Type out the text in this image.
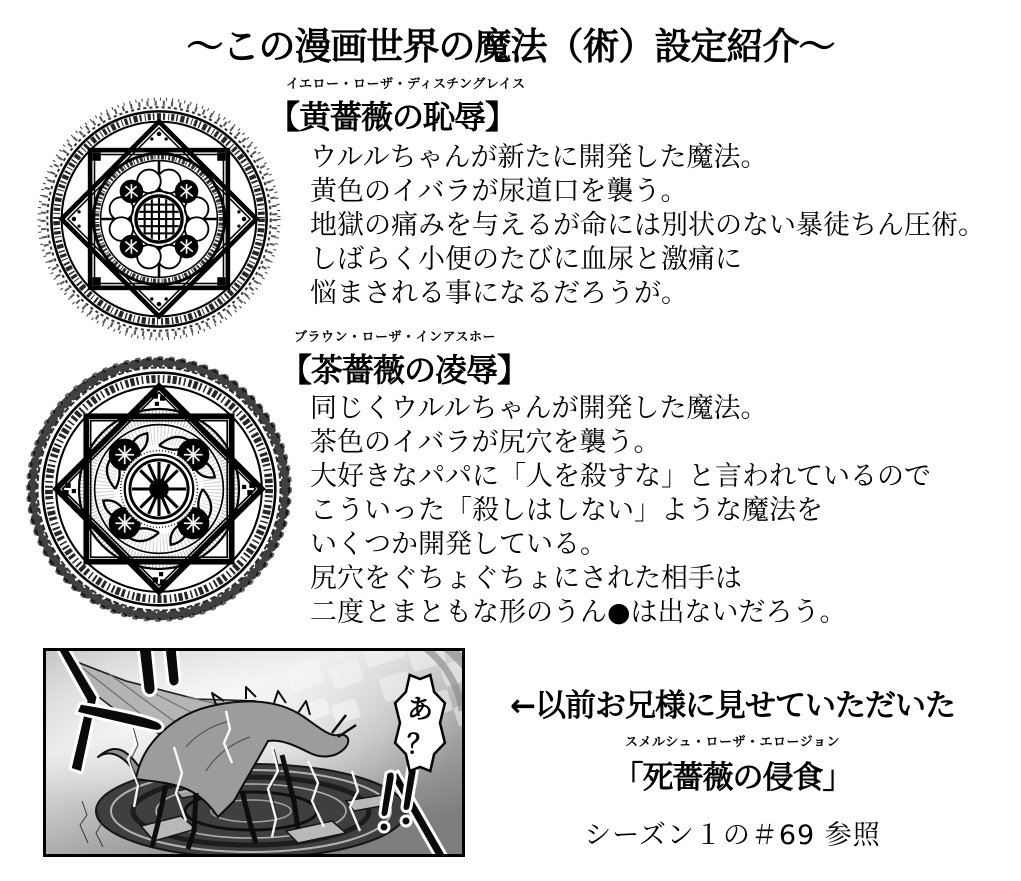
～この漫画世界の魔法（術）設定紹介～
イエロー・ローザ・ディスチングレイス
【黄薔薇の恥辱】
ウルルちゃんが新たに開発した魔法。
黄色のイバラが尿道口を襲う。
地獄の痛みを与えるが命には別状のない暴徒ちん圧術。
しばらく小便のたびに血尿と激痛に
悩まされる事になるだろうが。
ブラウン・ローザ・インアスホー
【茶薔薇の凌辱】
同じくウルルちゃんが開発した魔法。
茶色のイバラが尻穴を襲う。
大好きなパパに「人を殺すな」と言われているので
こういった「殺しはしない」ような魔法を
いくつか開発している。
尻穴をぐちょぐちょにされた相手は
二度とまともな形のうん●は出ないだろう。
あ
？
←以前お兄様に見せていただいた
スメルシュ・ローザ・エロージョン
「死薔薇の侵食」
シーズン１の＃69 参照
